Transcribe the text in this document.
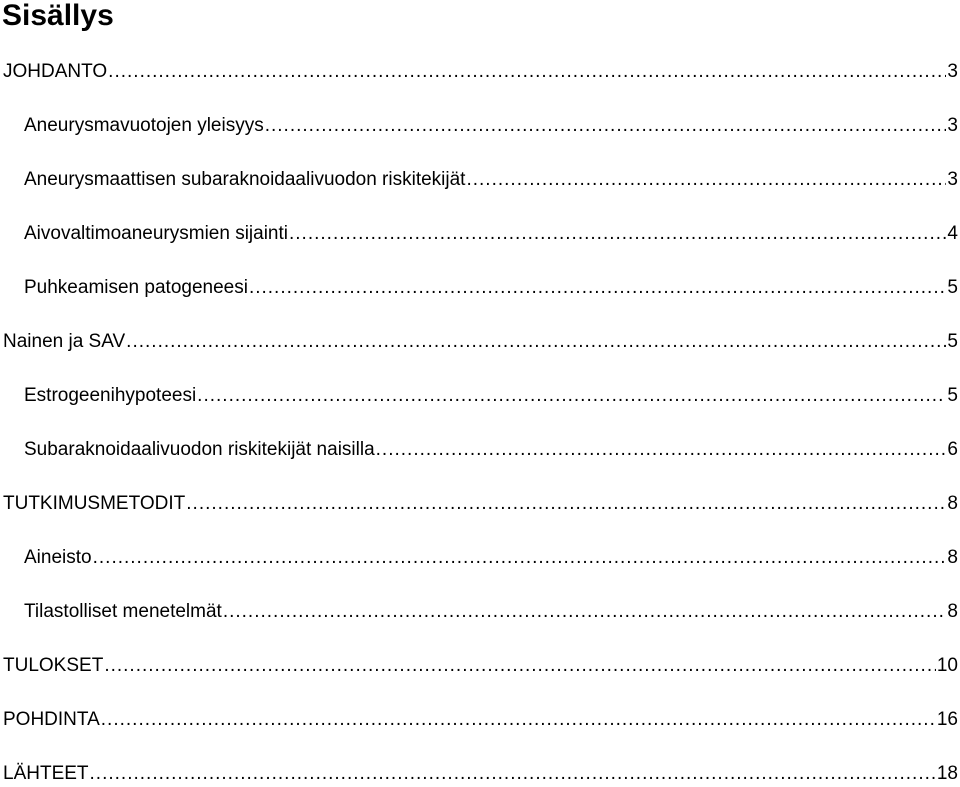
Sisällys
JOHDANTO .....	3
Aneurysmavuotojen yleisyys .....	3
Aneurysmaattisen subaraknoidaalivuodon riskitekijät .....	3
Aivovaltimoaneurysmien sijainti .....	4
Puhkeamisen patogeneesi .....	5
Nainen ja SAV .....	5
Estrogeenihypoteesi .....	5
Subaraknoidaalivuodon riskitekijät naisilla .....	6
TUTKIMUSMETODIT .....	8
Aineisto .....	8
Tilastolliset menetelmät .....	8
TULOKSET .....	10
POHDINTA .....	16
LÄHTEET .....	18
